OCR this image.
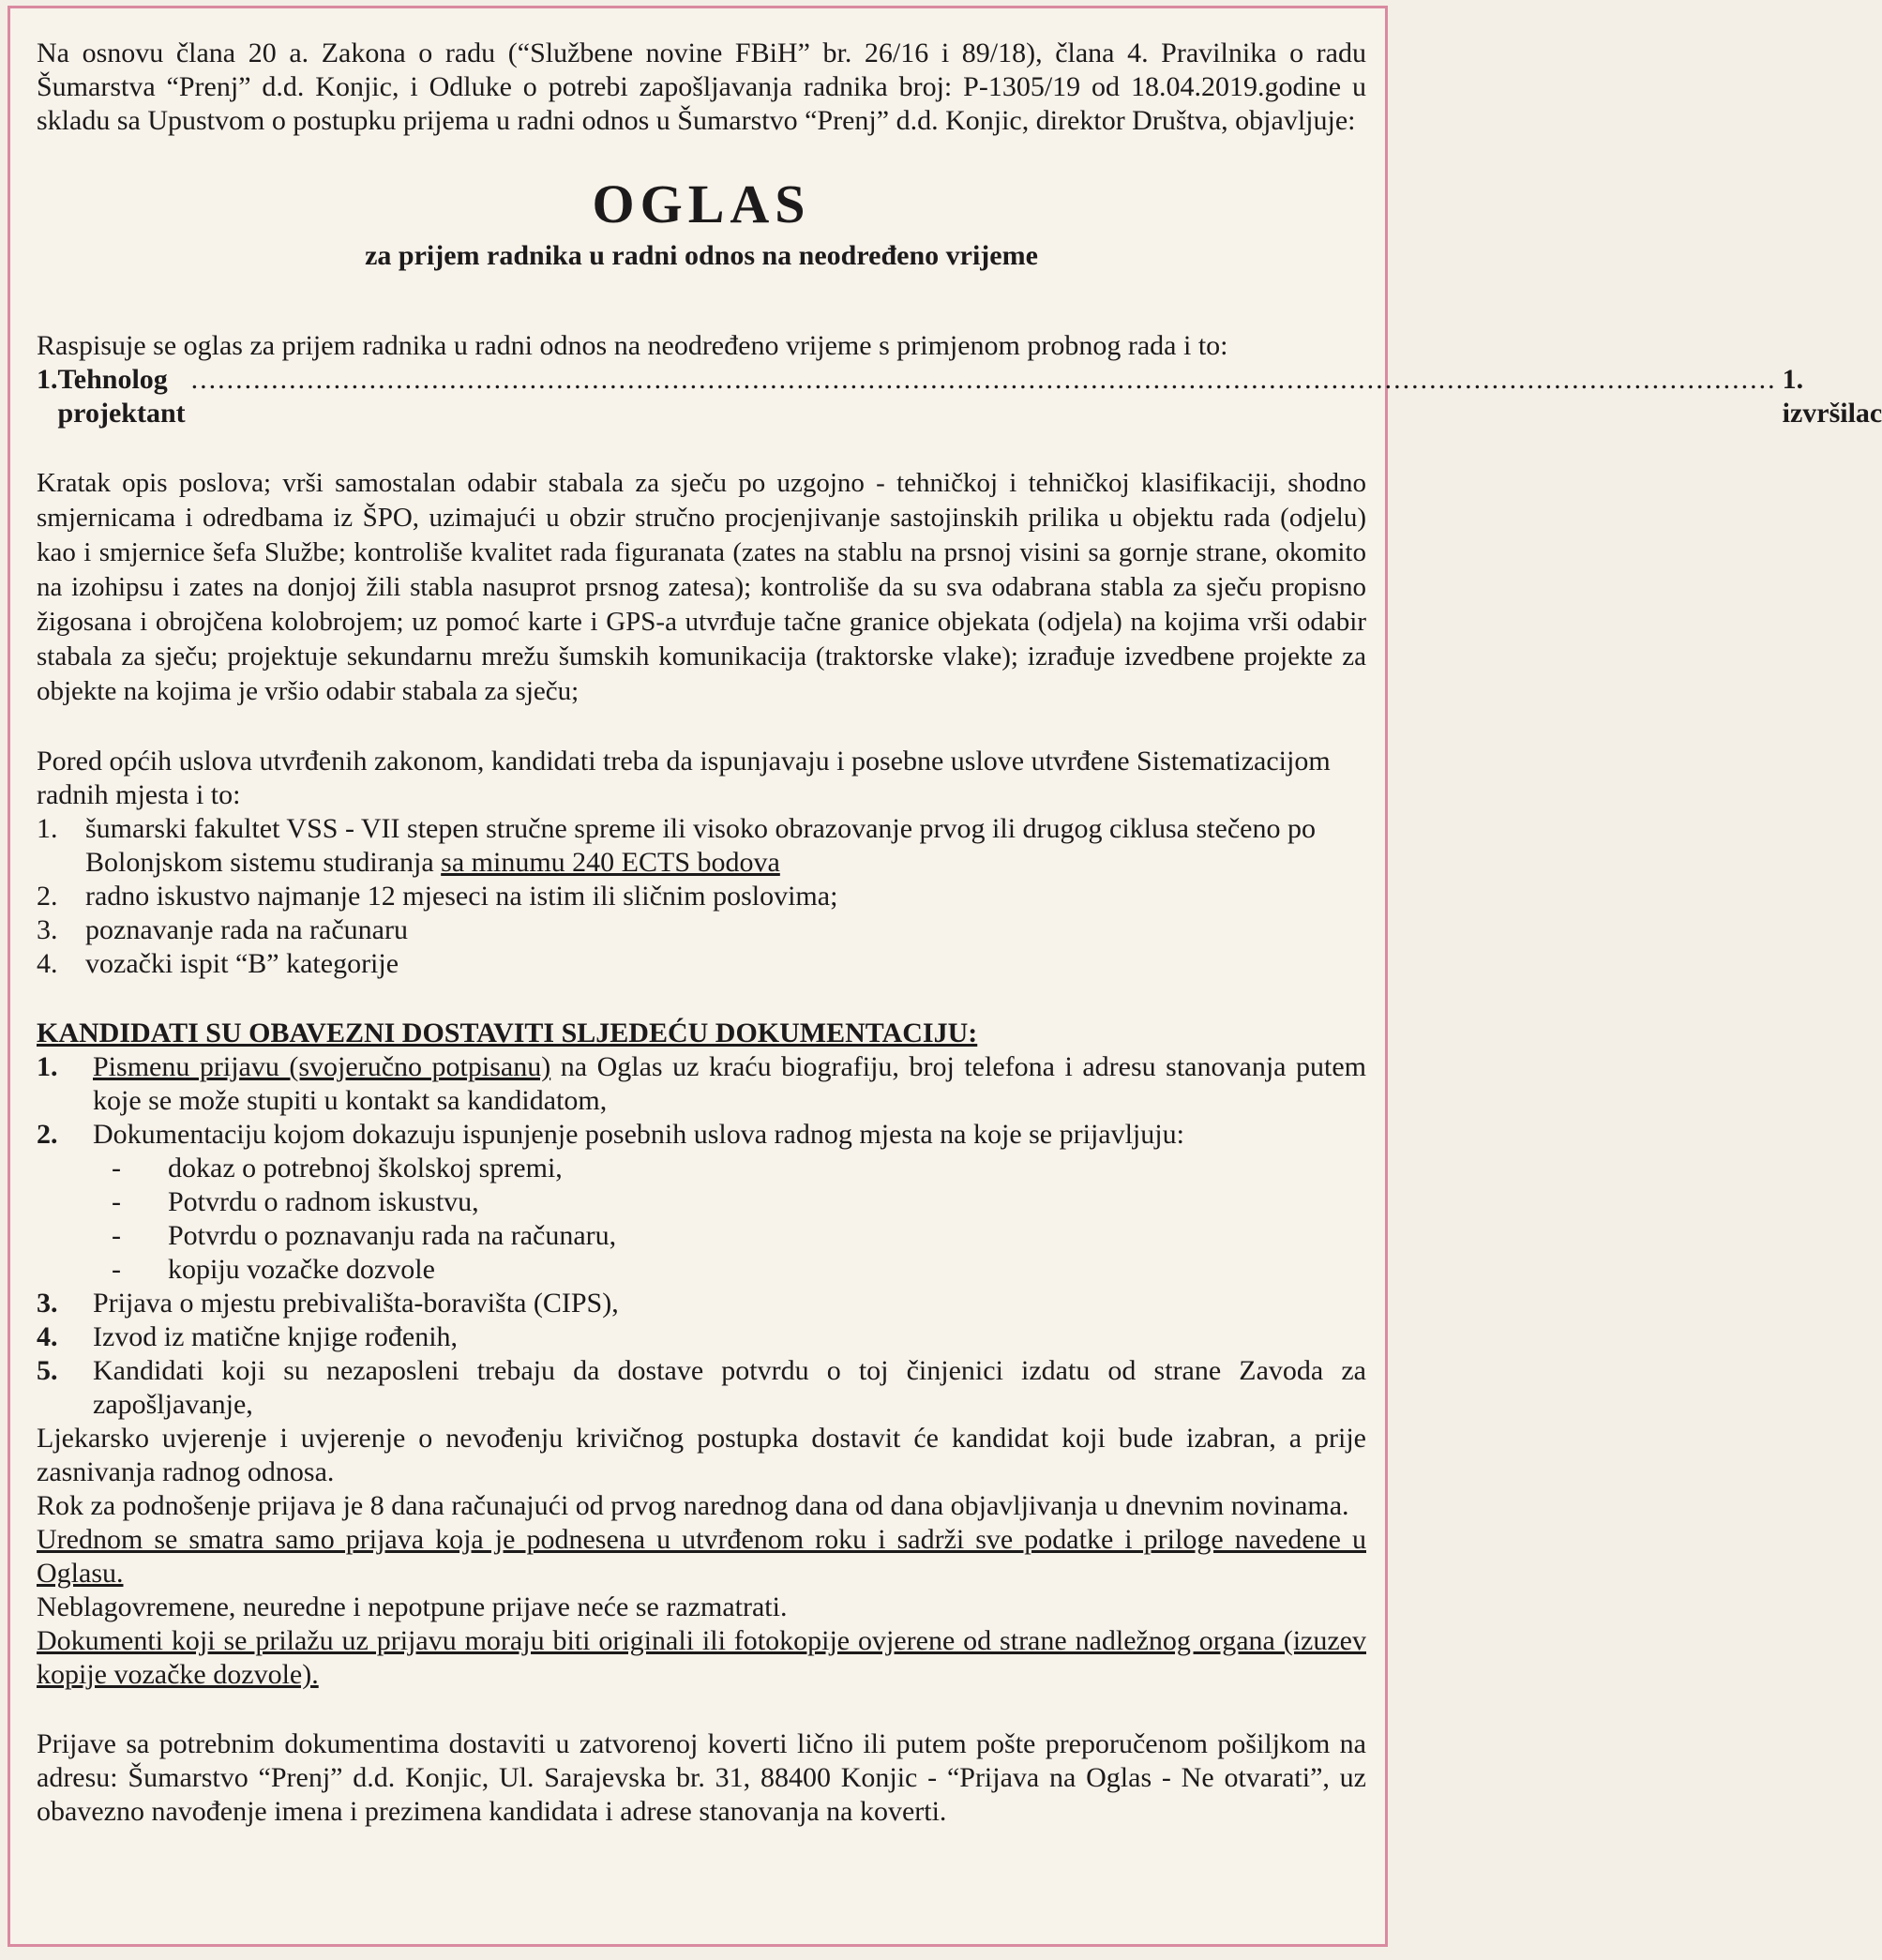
Na osnovu člana 20 a. Zakona o radu (“Službene novine FBiH” br. 26/16 i 89/18), člana 4. Pravilnika o radu Šumarstva “Prenj” d.d. Konjic, i Odluke o potrebi zapošljavanja radnika broj: P-1305/19 od 18.04.2019.godine u skladu sa Upustvom o postupku prijema u radni odnos u Šumarstvo “Prenj” d.d. Konjic, direktor Društva, objavljuje:

OGLAS
za prijem radnika u radni odnos na neodređeno vrijeme

Raspisuje se oglas za prijem radnika u radni odnos na neodređeno vrijeme s primjenom probnog rada i to:

1. Tehnolog projektant
.................................................................................................................................................................................. 1. izvršilac

Kratak opis poslova; vrši samostalan odabir stabala za sječu po uzgojno - tehničkoj i tehničkoj klasifikaciji, shodno smjernicama i odredbama iz ŠPO, uzimajući u obzir stručno procjenjivanje sastojinskih prilika u objektu rada (odjelu) kao i smjernice šefa Službe; kontroliše kvalitet rada figuranata (zates na stablu na prsnoj visini sa gornje strane, okomito na izohipsu i zates na donjoj žili stabla nasuprot prsnog zatesa); kontroliše da su sva odabrana stabla za sječu propisno žigosana i obrojčena kolobrojem; uz pomoć karte i GPS-a utvrđuje tačne granice objekata (odjela) na kojima vrši odabir stabala za sječu; projektuje sekundarnu mrežu šumskih komunikacija (traktorske vlake); izrađuje izvedbene projekte za objekte na kojima je vršio odabir stabala za sječu;

Pored općih uslova utvrđenih zakonom, kandidati treba da ispunjavaju i posebne uslove utvrđene Sistematizacijom radnih mjesta i to:

1. šumarski fakultet VSS - VII stepen stručne spreme ili visoko obrazovanje prvog ili drugog ciklusa stečeno po Bolonjskom sistemu studiranja sa minumu 240 ECTS bodova
2. radno iskustvo najmanje 12 mjeseci na istim ili sličnim poslovima;
3. poznavanje rada na računaru
4. vozački ispit “B” kategorije
KANDIDATI SU OBAVEZNI DOSTAVITI SLJEDEĆU DOKUMENTACIJU:
1.	Pismenu prijavu (svojeručno potpisanu) na Oglas uz kraću biografiju, broj telefona i adresu stanovanja putem koje se može stupiti u kontakt sa kandidatom,
2.	Dokumentaciju kojom dokazuju ispunjenje posebnih uslova radnog mjesta na koje se prijavljuju:
-	dokaz o potrebnoj školskoj spremi,
-	Potvrdu o radnom iskustvu,
-	Potvrdu o poznavanju rada na računaru,
-	kopiju vozačke dozvole
3.	Prijava o mjestu prebivališta-boravišta (CIPS),
4.	Izvod iz matične knjige rođenih,
5.	Kandidati koji su nezaposleni trebaju da dostave potvrdu o toj činjenici izdatu od strane Zavoda za zapošljavanje,

Ljekarsko uvjerenje i uvjerenje o nevođenju krivičnog postupka dostavit će kandidat koji bude izabran, a prije zasnivanja radnog odnosa.

Rok za podnošenje prijava je 8 dana računajući od prvog narednog dana od dana objavljivanja u dnevnim novinama.

Urednom se smatra samo prijava koja je podnesena u utvrđenom roku i sadrži sve podatke i priloge navedene u Oglasu.

Neblagovremene, neuredne i nepotpune prijave neće se razmatrati.

Dokumenti koji se prilažu uz prijavu moraju biti originali ili fotokopije ovjerene od strane nadležnog organa (izuzev kopije vozačke dozvole).

Prijave sa potrebnim dokumentima dostaviti u zatvorenoj koverti lično ili putem pošte preporučenom pošiljkom na adresu: Šumarstvo “Prenj” d.d. Konjic, Ul. Sarajevska br. 31, 88400 Konjic - “Prijava na Oglas - Ne otvarati”, uz obavezno navođenje imena i prezimena kandidata i adrese stanovanja na koverti.
